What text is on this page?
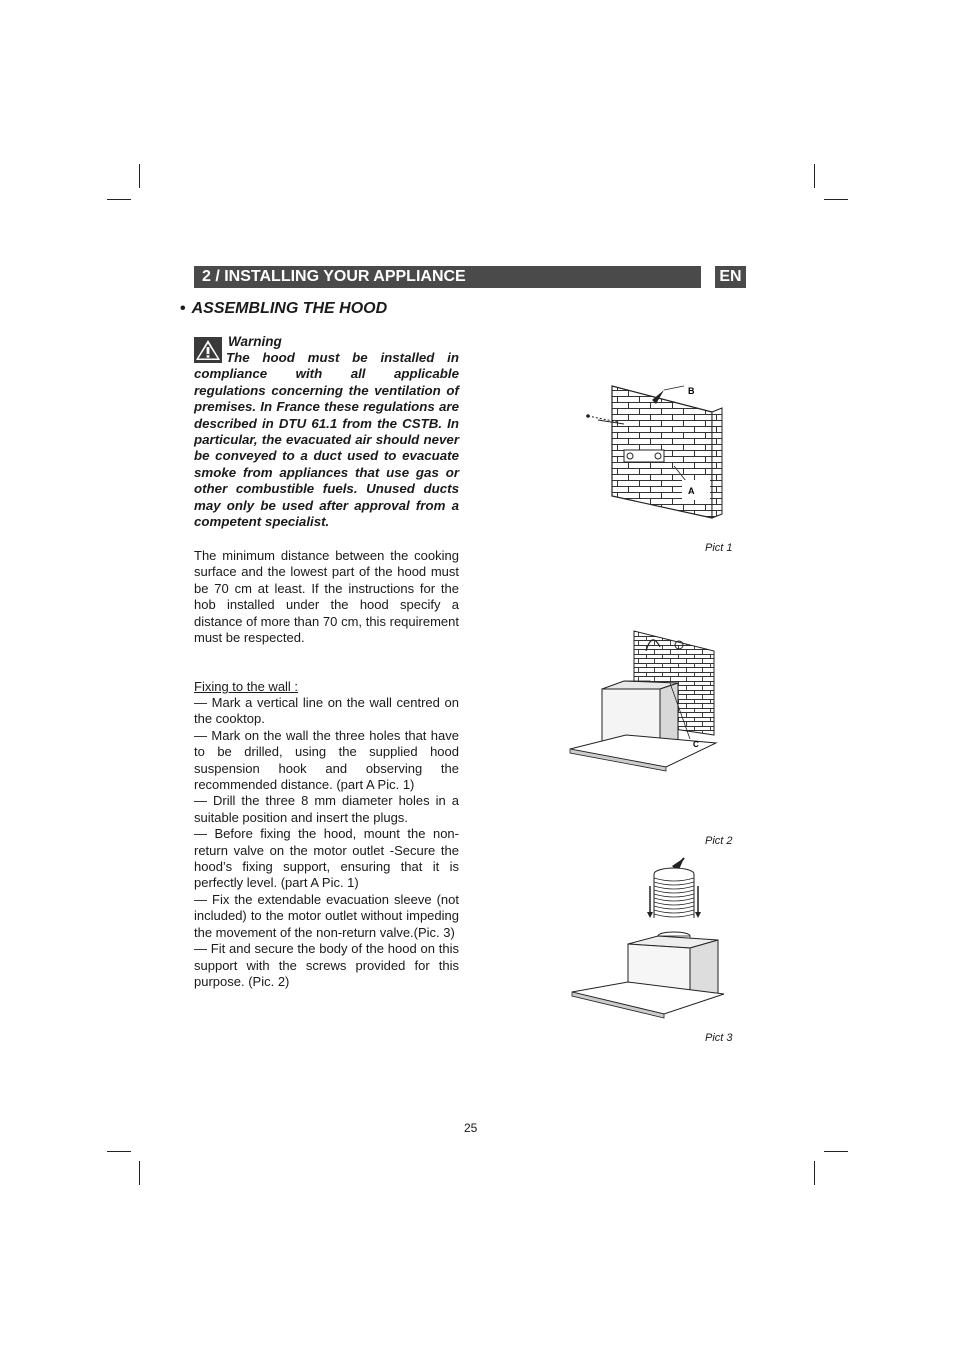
2 / INSTALLING YOUR APPLIANCE	EN
• ASSEMBLING THE HOOD
Warning

The hood must be installed in compliance with all applicable regulations concerning the ventilation of premises. In France these regulations are described in DTU 61.1 from the CSTB. In particular, the evacuated air should never be conveyed to a duct used to evacuate smoke from appliances that use gas or other combustible fuels. Unused ducts may only be used after approval from a competent specialist.

The minimum distance between the cooking surface and the lowest part of the hood must be 70 cm at least. If the instructions for the hob installed under the hood specify a distance of more than 70 cm, this requirement must be respected.

Fixing to the wall :

— Mark a vertical line on the wall centred on the cooktop.

— Mark on the wall the three holes that have to be drilled, using the supplied hood suspension hook and observing the recommended distance. (part A Pic. 1)

— Drill the three 8 mm diameter holes in a suitable position and insert the plugs.

— Before fixing the hood, mount the non-return valve on the motor outlet -Secure the hood’s fixing support, ensuring that it is perfectly level. (part A Pic. 1)

— Fix the extendable evacuation sleeve (not included) to the motor outlet without impeding the movement of the non-return valve.(Pic. 3)

— Fit and secure the body of the hood on this support with the screws provided for this purpose. (Pic. 2)

B
A
Pict 1
C
Pict 2
Pict 3
25
